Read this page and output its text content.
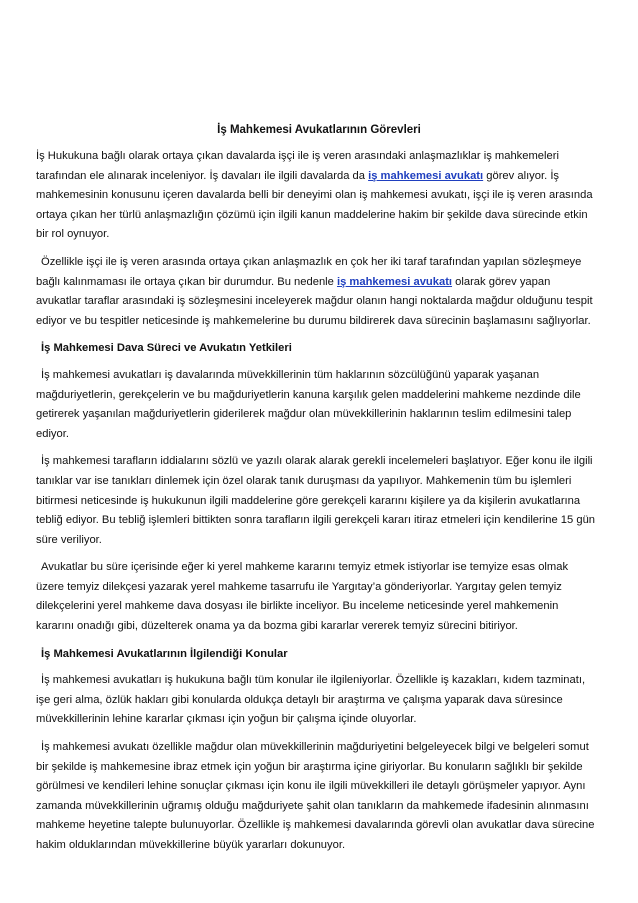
İş Mahkemesi Avukatlarının Görevleri

İş Hukukuna bağlı olarak ortaya çıkan davalarda işçi ile iş veren arasındaki anlaşmazlıklar iş mahkemeleri tarafından ele alınarak inceleniyor. İş davaları ile ilgili davalarda da iş mahkemesi avukatı görev alıyor. İş mahkemesinin konusunu içeren davalarda belli bir deneyimi olan iş mahkemesi avukatı, işçi ile iş veren arasında ortaya çıkan her türlü anlaşmazlığın çözümü için ilgili kanun maddelerine hakim bir şekilde dava sürecinde etkin bir rol oynuyor.

Özellikle işçi ile iş veren arasında ortaya çıkan anlaşmazlık en çok her iki taraf tarafından yapılan sözleşmeye bağlı kalınmaması ile ortaya çıkan bir durumdur. Bu nedenle iş mahkemesi avukatı olarak görev yapan avukatlar taraflar arasındaki iş sözleşmesini inceleyerek mağdur olanın hangi noktalarda mağdur olduğunu tespit ediyor ve bu tespitler neticesinde iş mahkemelerine bu durumu bildirerek dava sürecinin başlamasını sağlıyorlar.

İş Mahkemesi Dava Süreci ve Avukatın Yetkileri

İş mahkemesi avukatları iş davalarında müvekkillerinin tüm haklarının sözcülüğünü yaparak yaşanan mağduriyetlerin, gerekçelerin ve bu mağduriyetlerin kanuna karşılık gelen maddelerini mahkeme nezdinde dile getirerek yaşanılan mağduriyetlerin giderilerek mağdur olan müvekkillerinin haklarının teslim edilmesini talep ediyor.

İş mahkemesi tarafların iddialarını sözlü ve yazılı olarak alarak gerekli incelemeleri başlatıyor. Eğer konu ile ilgili tanıklar var ise tanıkları dinlemek için özel olarak tanık duruşması da yapılıyor. Mahkemenin tüm bu işlemleri bitirmesi neticesinde iş hukukunun ilgili maddelerine göre gerekçeli kararını kişilere ya da kişilerin avukatlarına tebliğ ediyor. Bu tebliğ işlemleri bittikten sonra tarafların ilgili gerekçeli kararı itiraz etmeleri için kendilerine 15 gün süre veriliyor.

Avukatlar bu süre içerisinde eğer ki yerel mahkeme kararını temyiz etmek istiyorlar ise temyize esas olmak üzere temyiz dilekçesi yazarak yerel mahkeme tasarrufu ile Yargıtay’a gönderiyorlar. Yargıtay gelen temyiz dilekçelerini yerel mahkeme dava dosyası ile birlikte inceliyor. Bu inceleme neticesinde yerel mahkemenin kararını onadığı gibi, düzelterek onama ya da bozma gibi kararlar vererek temyiz sürecini bitiriyor.

İş Mahkemesi Avukatlarının İlgilendiği Konular

İş mahkemesi avukatları iş hukukuna bağlı tüm konular ile ilgileniyorlar. Özellikle iş kazakları, kıdem tazminatı, işe geri alma, özlük hakları gibi konularda oldukça detaylı bir araştırma ve çalışma yaparak dava süresince müvekkillerinin lehine kararlar çıkması için yoğun bir çalışma içinde oluyorlar.

İş mahkemesi avukatı özellikle mağdur olan müvekkillerinin mağduriyetini belgeleyecek bilgi ve belgeleri somut bir şekilde iş mahkemesine ibraz etmek için yoğun bir araştırma içine giriyorlar. Bu konuların sağlıklı bir şekilde görülmesi ve kendileri lehine sonuçlar çıkması için konu ile ilgili müvekkilleri ile detaylı görüşmeler yapıyor. Aynı zamanda müvekkillerinin uğramış olduğu mağduriyete şahit olan tanıkların da mahkemede ifadesinin alınmasını mahkeme heyetine talepte bulunuyorlar. Özellikle iş mahkemesi davalarında görevli olan avukatlar dava sürecine hakim olduklarından müvekkillerine büyük yararları dokunuyor.
